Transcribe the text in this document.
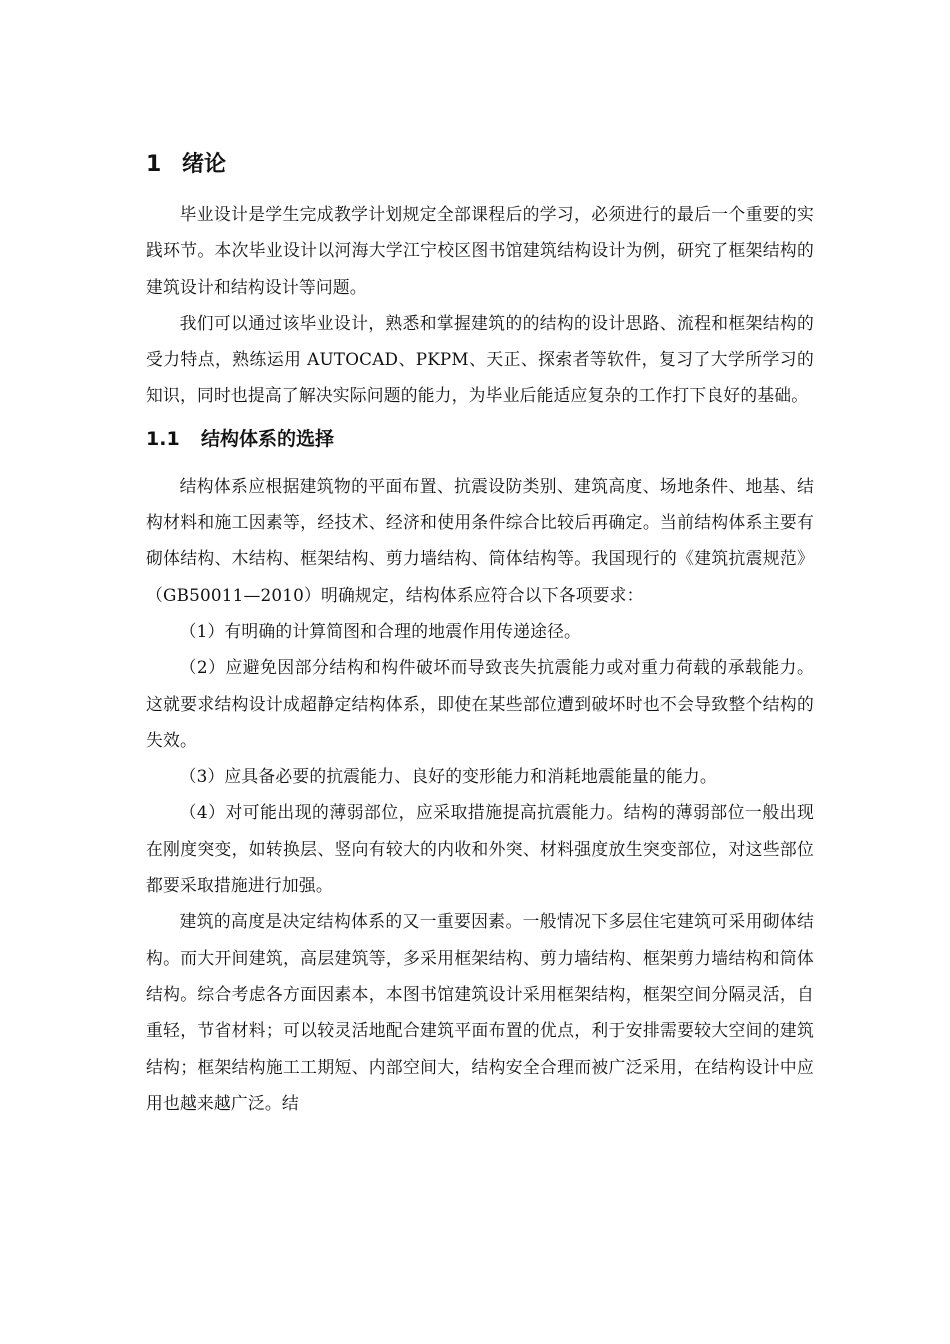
1 绪论

毕业设计是学生完成教学计划规定全部课程后的学习，必须进行的最后一个重要的实践环节。本次毕业设计以河海大学江宁校区图书馆建筑结构设计为例，研究了框架结构的建筑设计和结构设计等问题。

我们可以通过该毕业设计，熟悉和掌握建筑的的结构的设计思路、流程和框架结构的受力特点，熟练运用 AUTOCAD、PKPM、天正、探索者等软件，复习了大学所学习的知识，同时也提高了解决实际问题的能力，为毕业后能适应复杂的工作打下良好的基础。

1.1 结构体系的选择

结构体系应根据建筑物的平面布置、抗震设防类别、建筑高度、场地条件、地基、结构材料和施工因素等，经技术、经济和使用条件综合比较后再确定。当前结构体系主要有砌体结构、木结构、框架结构、剪力墙结构、筒体结构等。我国现行的《建筑抗震规范》（GB50011—2010）明确规定，结构体系应符合以下各项要求：

（1）有明确的计算简图和合理的地震作用传递途径。

（2）应避免因部分结构和构件破坏而导致丧失抗震能力或对重力荷载的承载能力。这就要求结构设计成超静定结构体系，即使在某些部位遭到破坏时也不会导致整个结构的失效。

（3）应具备必要的抗震能力、良好的变形能力和消耗地震能量的能力。

（4）对可能出现的薄弱部位，应采取措施提高抗震能力。结构的薄弱部位一般出现在刚度突变，如转换层、竖向有较大的内收和外突、材料强度放生突变部位，对这些部位都要采取措施进行加强。

建筑的高度是决定结构体系的又一重要因素。一般情况下多层住宅建筑可采用砌体结构。而大开间建筑，高层建筑等，多采用框架结构、剪力墙结构、框架剪力墙结构和筒体结构。综合考虑各方面因素本，本图书馆建筑设计采用框架结构，框架空间分隔灵活，自重轻，节省材料；可以较灵活地配合建筑平面布置的优点，利于安排需要较大空间的建筑结构；框架结构施工工期短、内部空间大，结构安全合理而被广泛采用，在结构设计中应用也越来越广泛。结
